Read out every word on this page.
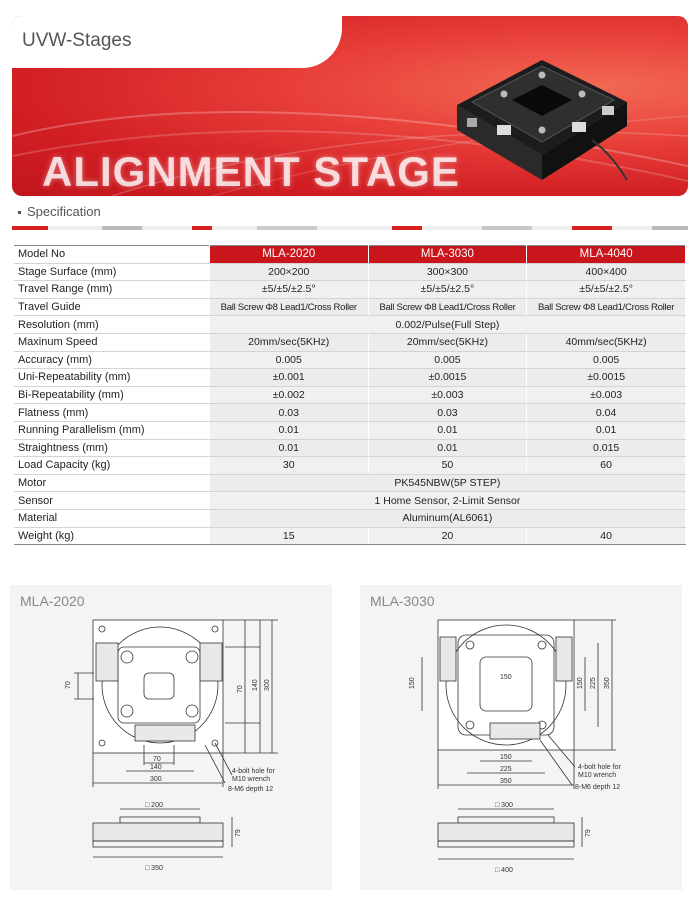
ALIGNMENT STAGE
UVW-Stages
Specification
Model No	MLA-2020	MLA-3030	MLA-4040
Stage Surface (mm)	200×200	300×300	400×400
Travel Range (mm)	±5/±5/±2.5°	±5/±5/±2.5°	±5/±5/±2.5°
Travel Guide	Ball Screw Φ8 Lead1/Cross Roller	Ball Screw Φ8 Lead1/Cross Roller	Ball Screw Φ8 Lead1/Cross Roller
Resolution (mm)	0.002/Pulse(Full Step)		
Maxinum Speed	20mm/sec(5KHz)	20mm/sec(5KHz)	40mm/sec(5KHz)
Accuracy (mm)	0.005	0.005	0.005
Uni-Repeatability (mm)	±0.001	±0.0015	±0.0015
Bi-Repeatability (mm)	±0.002	±0.003	±0.003
Flatness (mm)	0.03	0.03	0.04
Running Parallelism (mm)	0.01	0.01	0.01
Straightness (mm)	0.01	0.01	0.015
Load Capacity (kg)	30	50	60
Motor	PK545NBW(5P STEP)		
Sensor	1 Home Sensor, 2-Limit Sensor		
Material	Aluminum(AL6061)		
Weight (kg)	15	20	40
MLA-2020
70
70 140 300
70
140
300
4-bolt hole for
M10 wrench
8-M6 depth 12
□ 200
79
□ 350
MLA-3030
150	150	150 225 350
150
225
350
4-bolt hole for
M10 wrench
8-M6 depth 12
□ 300
79
□ 400
